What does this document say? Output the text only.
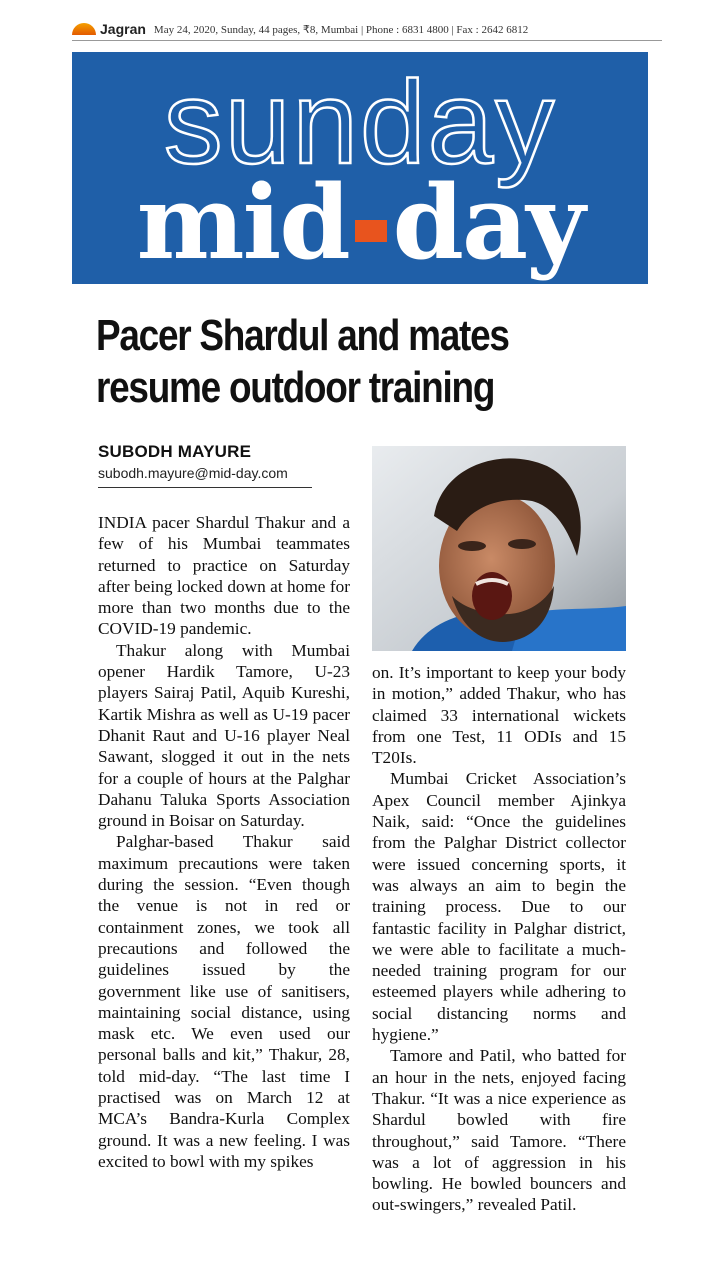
Jagran May 24, 2020, Sunday, 44 pages, ₹8, Mumbai | Phone : 6831 4800 | Fax : 2642 6812
sunday
mid day
Pacer Shardul and mates resume outdoor training
SUBODH MAYURE
subodh.mayure@mid-day.com

INDIA pacer Shardul Thakur and a few of his Mumbai teammates returned to practice on Saturday after being locked down at home for more than two months due to the COVID-19 pandemic.

Thakur along with Mumbai opener Hardik Tamore, U-23 players Sairaj Patil, Aquib Kureshi, Kartik Mishra as well as U-19 pacer Dhanit Raut and U-16 player Neal Sawant, slogged it out in the nets for a couple of hours at the Palghar Dahanu Taluka Sports Association ground in Boisar on Saturday.

Palghar-based Thakur said maximum precautions were taken during the session. “Even though the venue is not in red or containment zones, we took all precautions and followed the guidelines issued by the government like use of sanitisers, maintaining social distance, using mask etc. We even used our personal balls and kit,” Thakur, 28, told mid-day. “The last time I practised was on March 12 at MCA’s Bandra-Kurla Complex ground. It was a new feeling. I was excited to bowl with my spikes

on. It’s important to keep your body in motion,” added Thakur, who has claimed 33 international wickets from one Test, 11 ODIs and 15 T20Is.

Mumbai Cricket Association’s Apex Council member Ajinkya Naik, said: “Once the guidelines from the Palghar District collector were issued concerning sports, it was always an aim to begin the training process. Due to our fantastic facility in Palghar district, we were able to facilitate a much-needed training program for our esteemed players while adhering to social distancing norms and hygiene.”

Tamore and Patil, who batted for an hour in the nets, enjoyed facing Thakur. “It was a nice experience as Shardul bowled with fire throughout,” said Tamore. “There was a lot of aggression in his bowling. He bowled bouncers and out-swingers,” revealed Patil.
